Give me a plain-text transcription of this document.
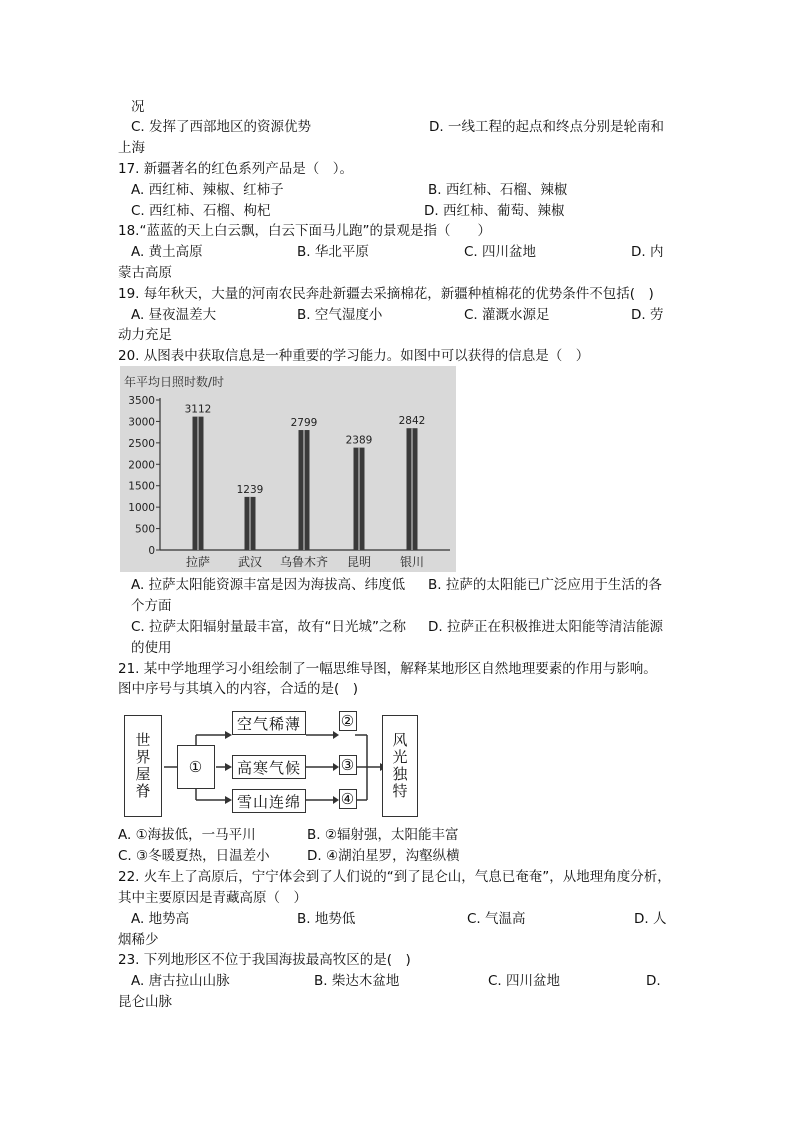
况
C. 发挥了西部地区的资源优势	D. 一线工程的起点和终点分别是轮南和
上海
17. 新疆著名的红色系列产品是（　）。
A. 西红柿、辣椒、红柿子	B. 西红柿、石榴、辣椒
C. 西红柿、石榴、枸杞	D. 西红柿、葡萄、辣椒
18.“蓝蓝的天上白云飘，白云下面马儿跑”的景观是指（　　）
A. 黄土高原	B. 华北平原	C. 四川盆地	D. 内
蒙古高原
19. 每年秋天，大量的河南农民奔赴新疆去采摘棉花，新疆种植棉花的优势条件不包括(　)
A. 昼夜温差大	B. 空气湿度小	C. 灌溉水源足	D. 劳
动力充足
20. 从图表中获取信息是一种重要的学习能力。如图中可以获得的信息是（　）
年平均日照时数/时
0
500
1000
1500
2000
2500
3000
3500
3112
拉萨
1239
武汉
2799
乌鲁木齐
2389
昆明
2842
银川
A. 拉萨太阳能资源丰富是因为海拔高、纬度低 B. 拉萨的太阳能已广泛应用于生活的各
个方面
C. 拉萨太阳辐射量最丰富，故有“日光城”之称 D. 拉萨正在积极推进太阳能等清洁能源
的使用
21. 某中学地理学习小组绘制了一幅思维导图，解释某地形区自然地理要素的作用与影响。
图中序号与其填入的内容，合适的是(　)
世界屋脊	①
空气稀薄
高寒气候
雪山连绵
②
③
④	风光独特
A. ①海拔低，一马平川	B. ②辐射强，太阳能丰富
C. ③冬暖夏热，日温差小	D. ④湖泊星罗，沟壑纵横
22. 火车上了高原后，宁宁体会到了人们说的“到了昆仑山，气息已奄奄”，从地理角度分析，
其中主要原因是青藏高原（　）
A. 地势高	B. 地势低	C. 气温高	D. 人
烟稀少
23. 下列地形区不位于我国海拔最高牧区的是(　)
A. 唐古拉山山脉	B. 柴达木盆地	C. 四川盆地	D.
昆仑山脉
